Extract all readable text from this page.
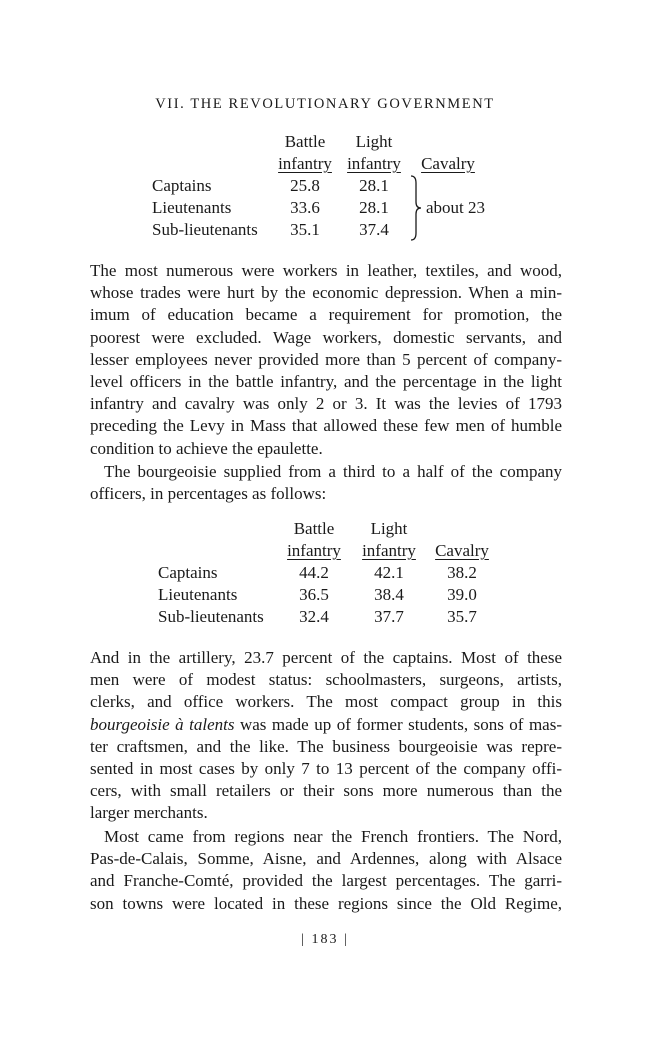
VII. THE REVOLUTIONARY GOVERNMENT
	Battle	Light	
	infantry	infantry	Cavalry
Captains	25.8	28.1	
Lieutenants	33.6	28.1	about 23

Sub-lieutenants	35.1	37.4	

The most numerous were workers in leather, textiles, and wood,
whose trades were hurt by the economic depression. When a min-
imum of education became a requirement for promotion, the
poorest were excluded. Wage workers, domestic servants, and
lesser employees never provided more than 5 percent of company-
level officers in the battle infantry, and the percentage in the light
infantry and cavalry was only 2 or 3. It was the levies of 1793
preceding the Levy in Mass that allowed these few men of humble
condition to achieve the epaulette.

The bourgeoisie supplied from a third to a half of the company
officers, in percentages as follows:

	Battle	Light	
	infantry	infantry	Cavalry
Captains	44.2	42.1	38.2
Lieutenants	36.5	38.4	39.0
Sub-lieutenants	32.4	37.7	35.7

And in the artillery, 23.7 percent of the captains. Most of these
men were of modest status: schoolmasters, surgeons, artists,
clerks, and office workers. The most compact group in this
bourgeoisie à talents was made up of former students, sons of mas-
ter craftsmen, and the like. The business bourgeoisie was repre-
sented in most cases by only 7 to 13 percent of the company offi-
cers, with small retailers or their sons more numerous than the
larger merchants.

Most came from regions near the French frontiers. The Nord,
Pas-de-Calais, Somme, Aisne, and Ardennes, along with Alsace
and Franche-Comté, provided the largest percentages. The garri-
son towns were located in these regions since the Old Regime,

| 183 |
